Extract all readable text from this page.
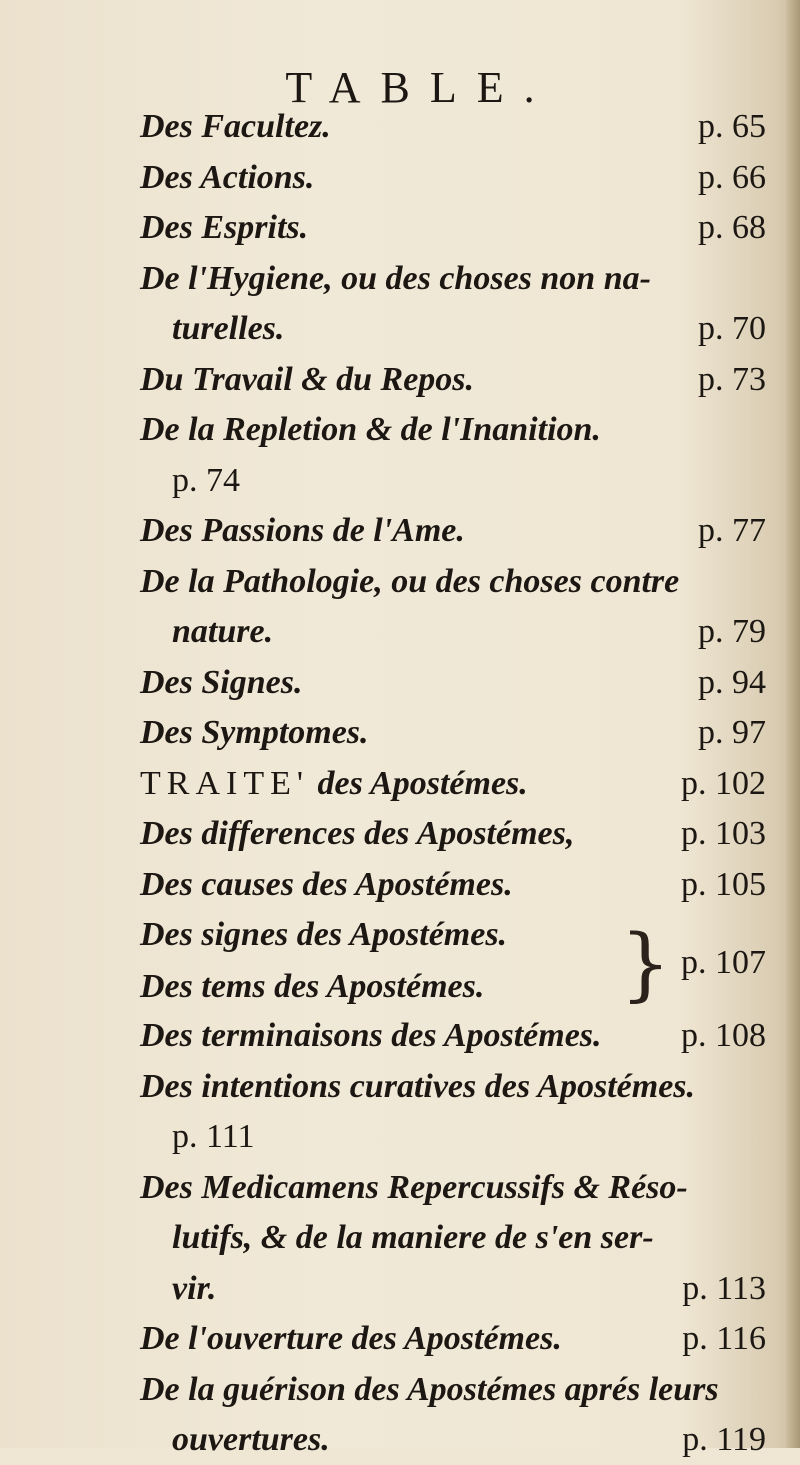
TABLE.
Des Facultez.	p. 65
Des Actions.	p. 66
Des Esprits.	p. 68
De l'Hygiene, ou des choses non na-
turelles.	p. 70
Du Travail & du Repos.	p. 73
De la Repletion & de l'Inanition.
p. 74
Des Passions de l'Ame.	p. 77
De la Pathologie, ou des choses contre
nature.	p. 79
Des Signes.	p. 94
Des Symptomes.	p. 97
TRAITE' des Apostémes.	p. 102
Des differences des Apostémes,	p. 103
Des causes des Apostémes.	p. 105
Des signes des Apostémes.
Des tems des Apostémes. } p. 107
Des terminaisons des Apostémes.	p. 108
Des intentions curatives des Apostémes.
p. 111
Des Medicamens Repercussifs & Réso-
lutifs, & de la maniere de s'en ser-
vir.	p. 113
De l'ouverture des Apostémes.	p. 116
De la guérison des Apostémes aprés leurs
ouvertures.	p. 119
